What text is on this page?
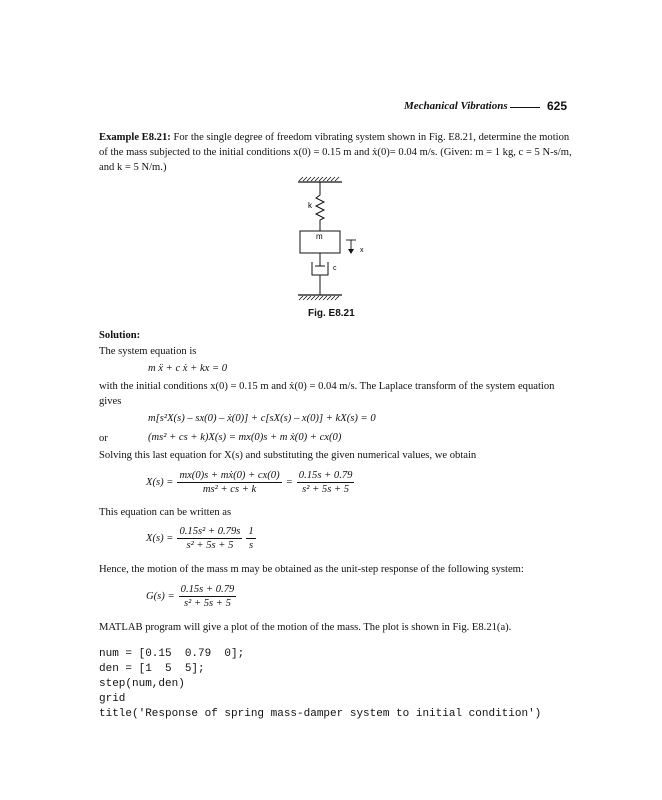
Mechanical Vibrations	625
Example E8.21: For the single degree of freedom vibrating system shown in Fig. E8.21, determine the motion
of the mass subjected to the initial conditions x(0) = 0.15 m and ẋ(0)= 0.04 m/s. (Given: m = 1 kg, c = 5 N-s/m,
and k = 5 N/m.)
k
m
x
c
Fig. E8.21
Solution:
The system equation is
m ẍ + c ẋ + kx = 0
with the initial conditions x(0) = 0.15 m and ẋ(0) = 0.04 m/s. The Laplace transform of the system equation
gives
m[s²X(s) – sx(0) – ẋ(0)] + c[sX(s) – x(0)] + kX(s) = 0
or	(ms² + cs + k)X(s) = mx(0)s + m ẋ(0) + cx(0)
Solving this last equation for X(s) and substituting the given numerical values, we obtain
$X(s) = \frac{\text{mx(0)s + mẋ(0) + cx(0)}}{\text{ms² + cs + k}} = \frac{0.15s + 0.79}{\text{s² + 5s + 5}}$
This equation can be written as
$X(s) = \frac{\text{0.15s² + 0.79s}}{\text{s² + 5s + 5}} \frac{1}{s}$
Hence, the motion of the mass m may be obtained as the unit-step response of the following system:
$G(s) = \frac{0.15s + 0.79}{\text{s² + 5s + 5}}$
MATLAB program will give a plot of the motion of the mass. The plot is shown in Fig. E8.21(a).
num = [0.15  0.79  0];
den = [1  5  5];
step(num,den)
grid
title('Response of spring mass-damper system to initial condition')
